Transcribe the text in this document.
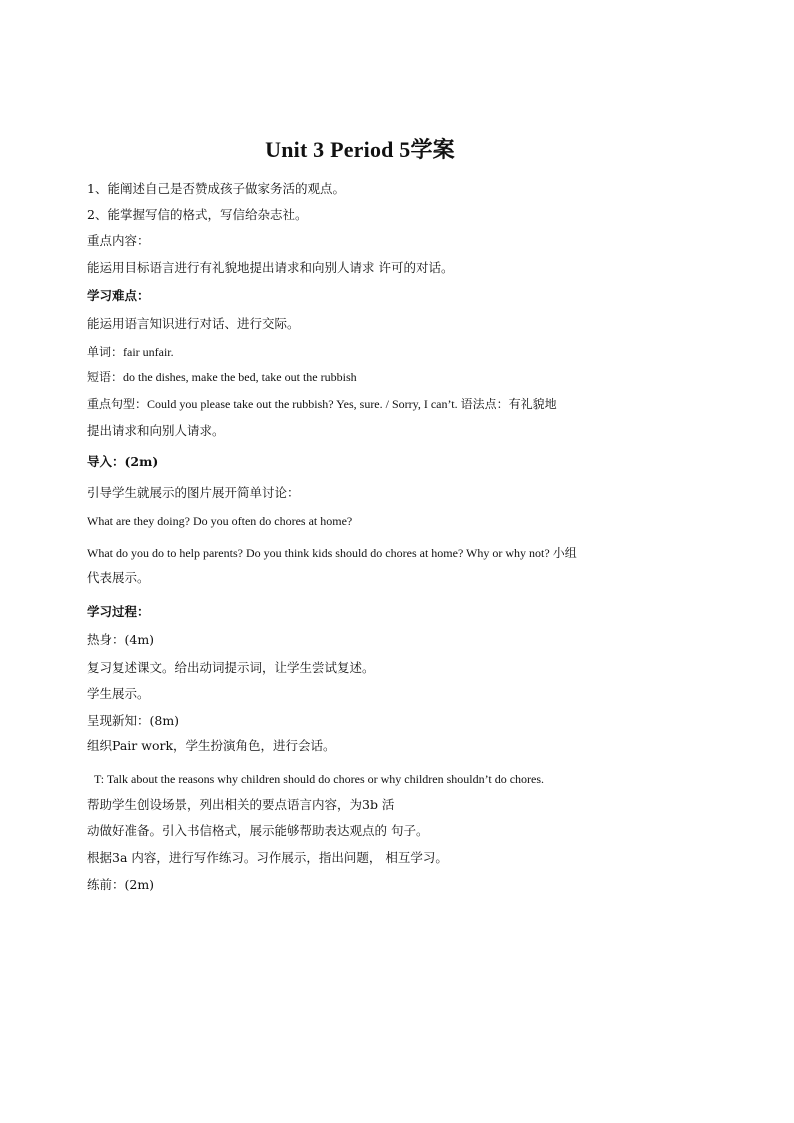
Unit 3 Period 5学案
1、能阐述自己是否赞成孩子做家务活的观点。
2、能掌握写信的格式，写信给杂志社。
重点内容：
能运用目标语言进行有礼貌地提出请求和向别人请求 许可的对话。
学习难点：
能运用语言知识进行对话、进行交际。
单词：fair unfair.
短语：do the dishes, make the bed, take out the rubbish
重点句型：Could you please take out the rubbish? Yes, sure. / Sorry, I can’t. 语法点：有礼貌地
提出请求和向别人请求。
导入：(2m)
引导学生就展示的图片展开简单讨论：
What are they doing? Do you often do chores at home?
What do you do to help parents? Do you think kids should do chores at home? Why or why not? 小组
代表展示。
学习过程：
热身：(4m)
复习复述课文。给出动词提示词，让学生尝试复述。
学生展示。
呈现新知：(8m)
组织Pair work，学生扮演角色，进行会话。
T: Talk about the reasons why children should do chores or why children shouldn’t do chores.
帮助学生创设场景，列出相关的要点语言内容，为3b 活
动做好准备。引入书信格式，展示能够帮助表达观点的 句子。
根据3a 内容，进行写作练习。习作展示，指出问题， 相互学习。
练前：(2m)
